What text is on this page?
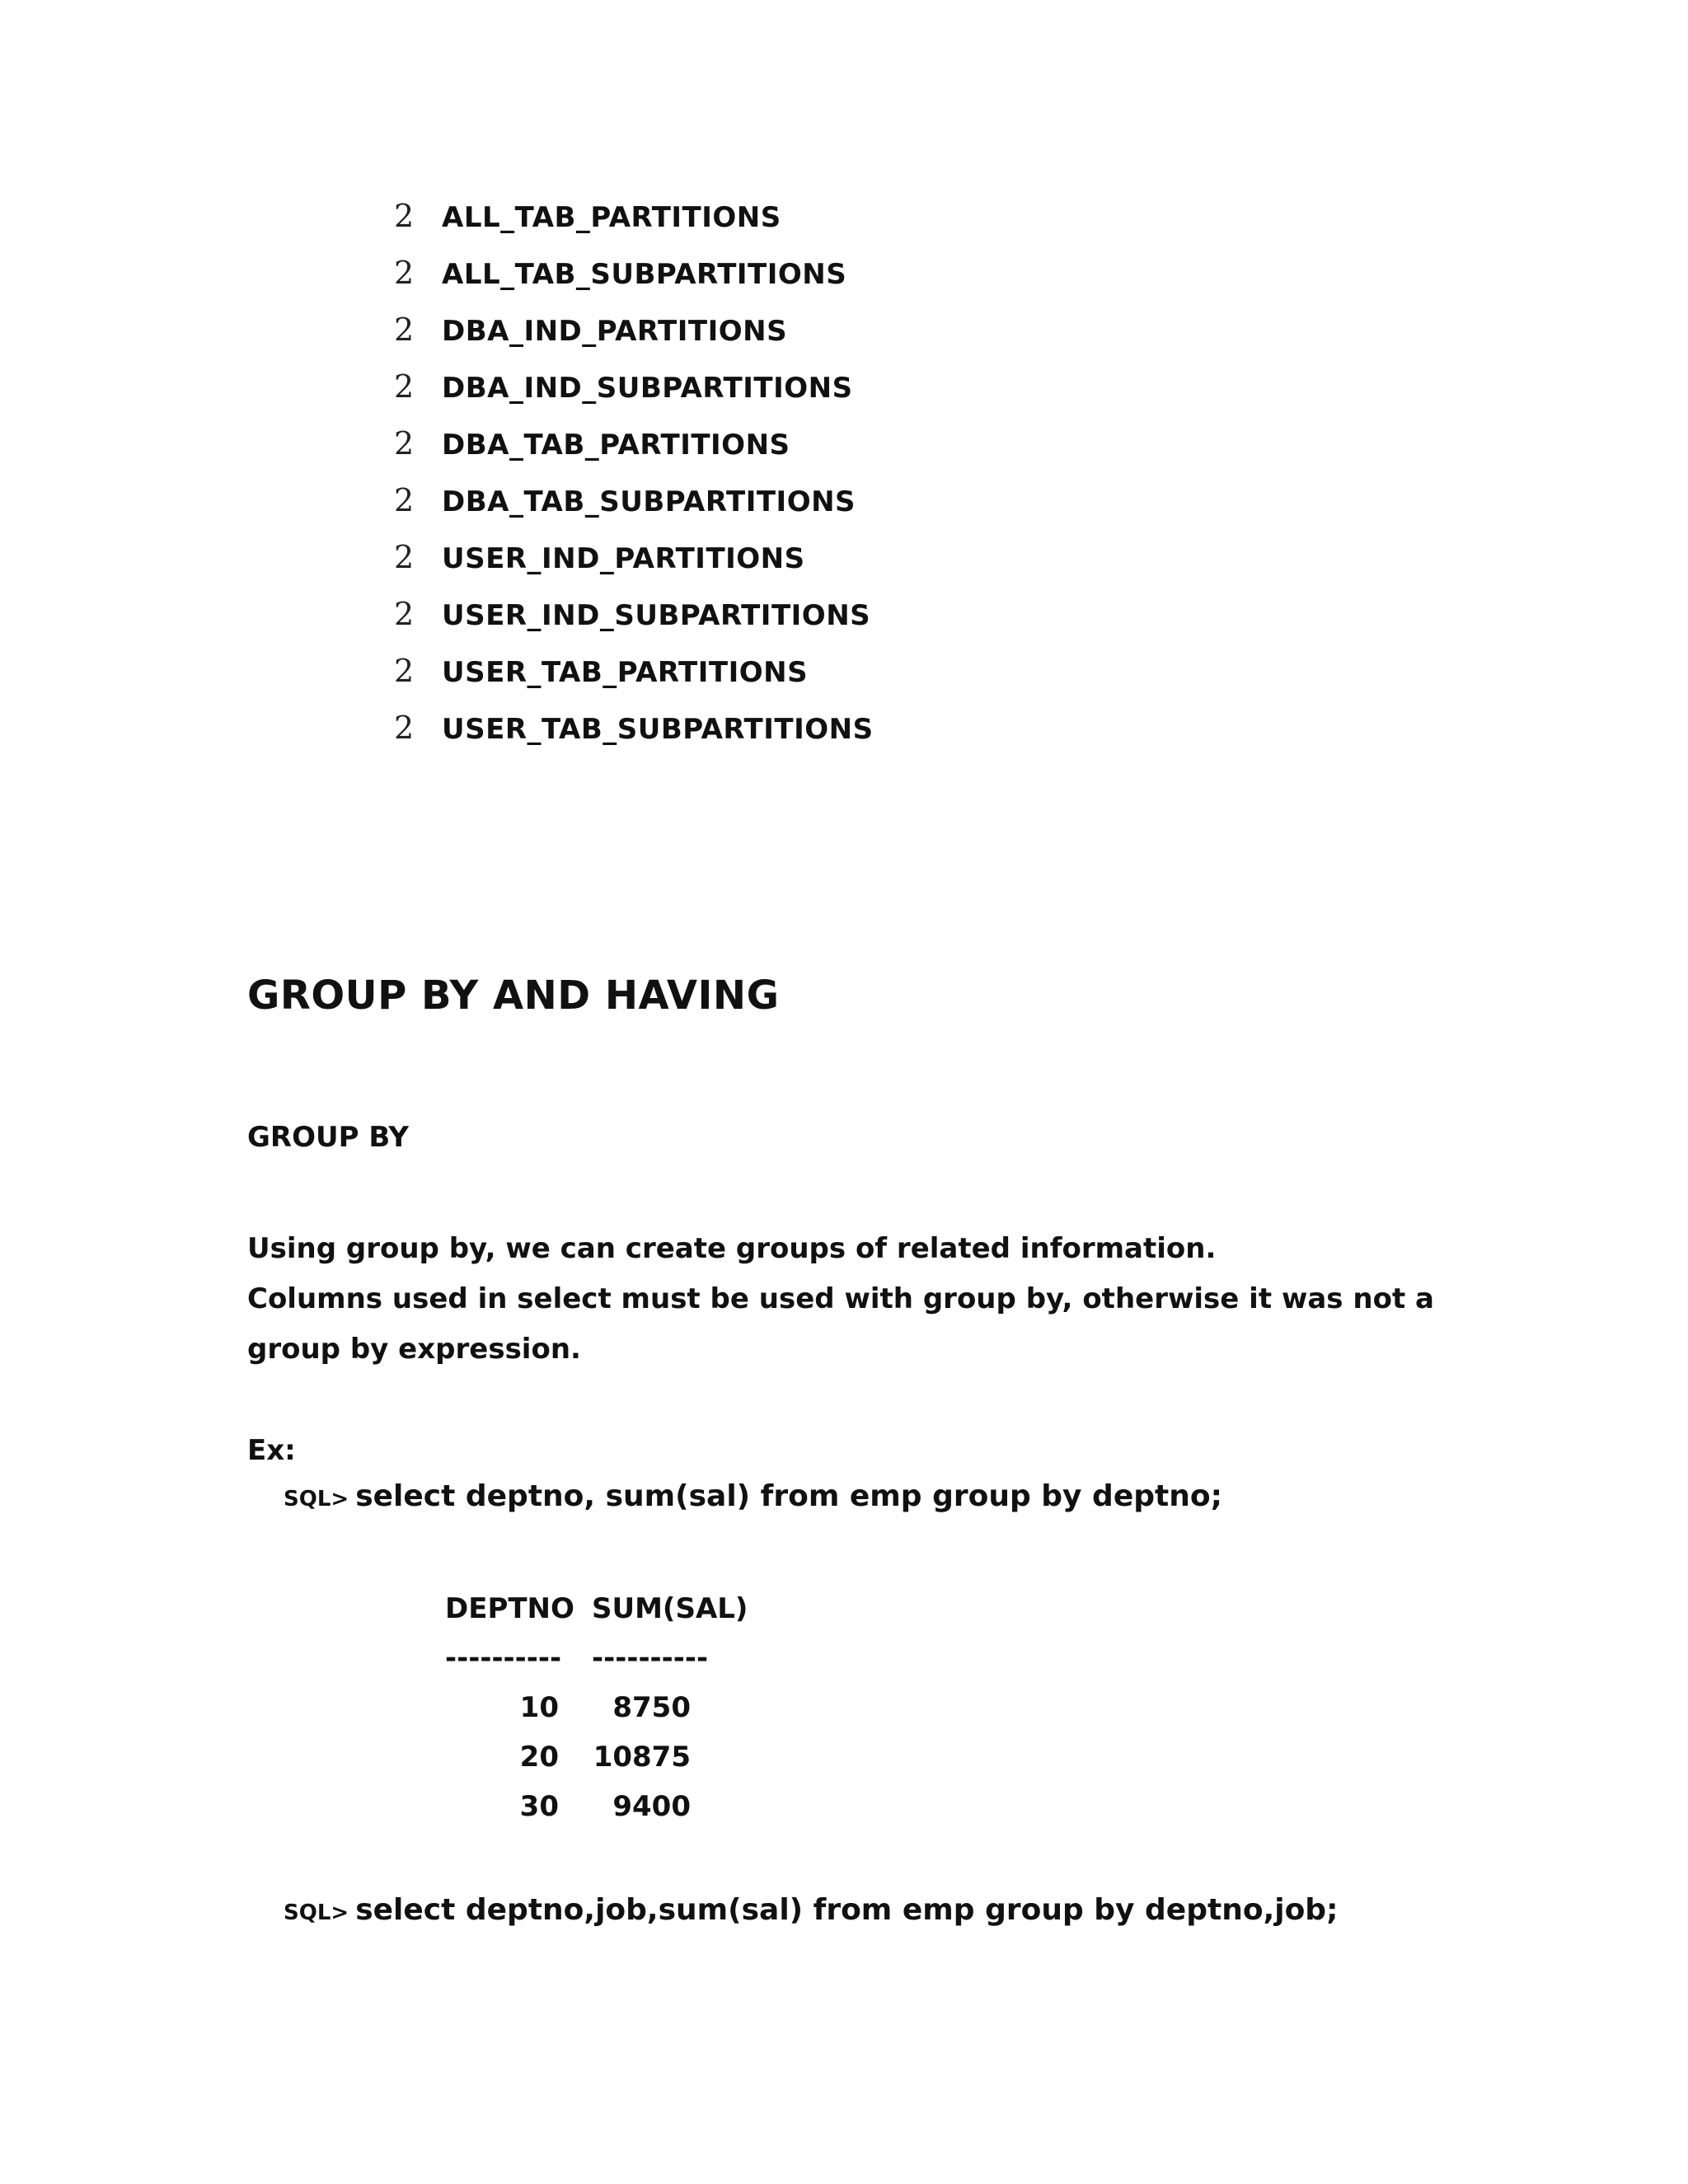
2 ALL_TAB_PARTITIONS
2 ALL_TAB_SUBPARTITIONS
2 DBA_IND_PARTITIONS
2 DBA_IND_SUBPARTITIONS
2 DBA_TAB_PARTITIONS
2 DBA_TAB_SUBPARTITIONS
2 USER_IND_PARTITIONS
2 USER_IND_SUBPARTITIONS
2 USER_TAB_PARTITIONS
2 USER_TAB_SUBPARTITIONS
GROUP BY AND HAVING
GROUP BY
Using group by, we can create groups of related information.
Columns used in select must be used with group by, otherwise it was not a
group by expression.
Ex:
SQL> select deptno, sum(sal) from emp group by deptno;
DEPTNO SUM(SAL)
----------	----------
10	8750
20	10875
30	9400
SQL> select deptno,job,sum(sal) from emp group by deptno,job;
